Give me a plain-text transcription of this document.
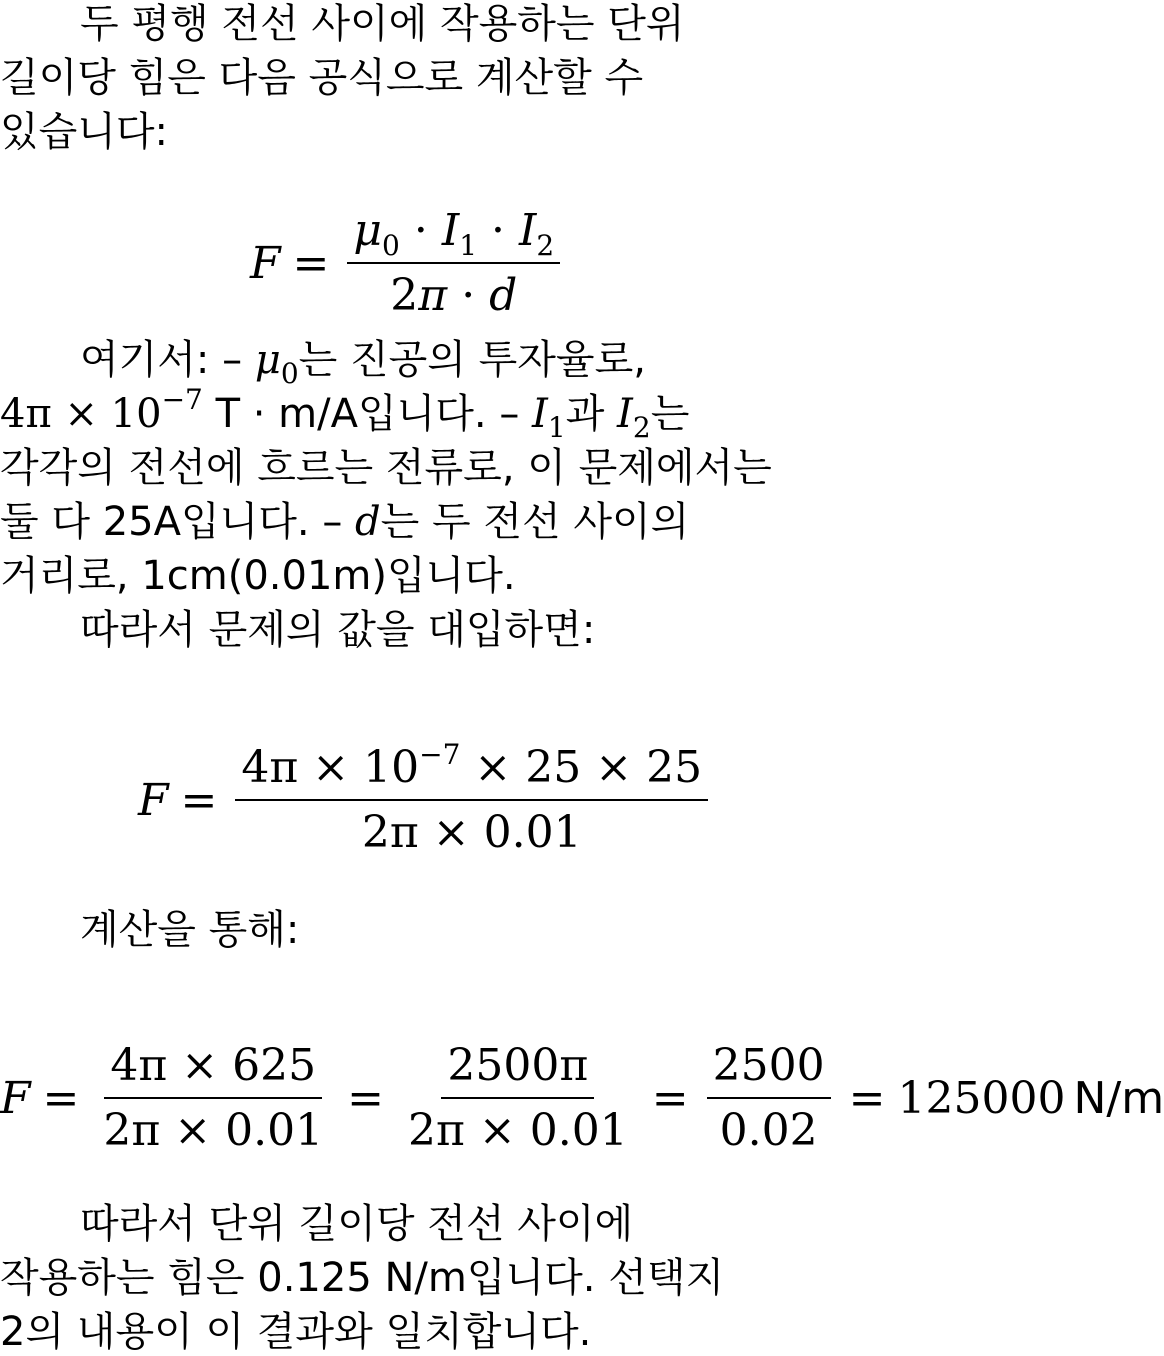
두 평행 전선 사이에 작용하는 단위
길이당 힘은 다음 공식으로 계산할 수
있습니다:
$F = \frac{\mu_0 \cdot I_1 \cdot I_2}{2\pi \cdot d}$
여기서: – $\mu_0$는 진공의 투자율로,
$4\pi \times 10^{-7}$ T · m/A입니다. – $I_1$과 $I_2$는
각각의 전선에 흐르는 전류로, 이 문제에서는
둘 다 25A입니다. – d는 두 전선 사이의
거리로, 1cm(0.01m)입니다.
따라서 문제의 값을 대입하면:
$F = \frac{4\pi \times 10^{-7} \times 25 \times 25}{2\pi \times 0.01}$
계산을 통해:
$F = \frac{4\pi \times 625}{2\pi \times 0.01} = \frac{2500\pi}{2\pi \times 0.01} = \frac{2500}{0.02} = 125000$ N/m
따라서 단위 길이당 전선 사이에
작용하는 힘은 0.125 N/m입니다. 선택지
2의 내용이 이 결과와 일치합니다.
